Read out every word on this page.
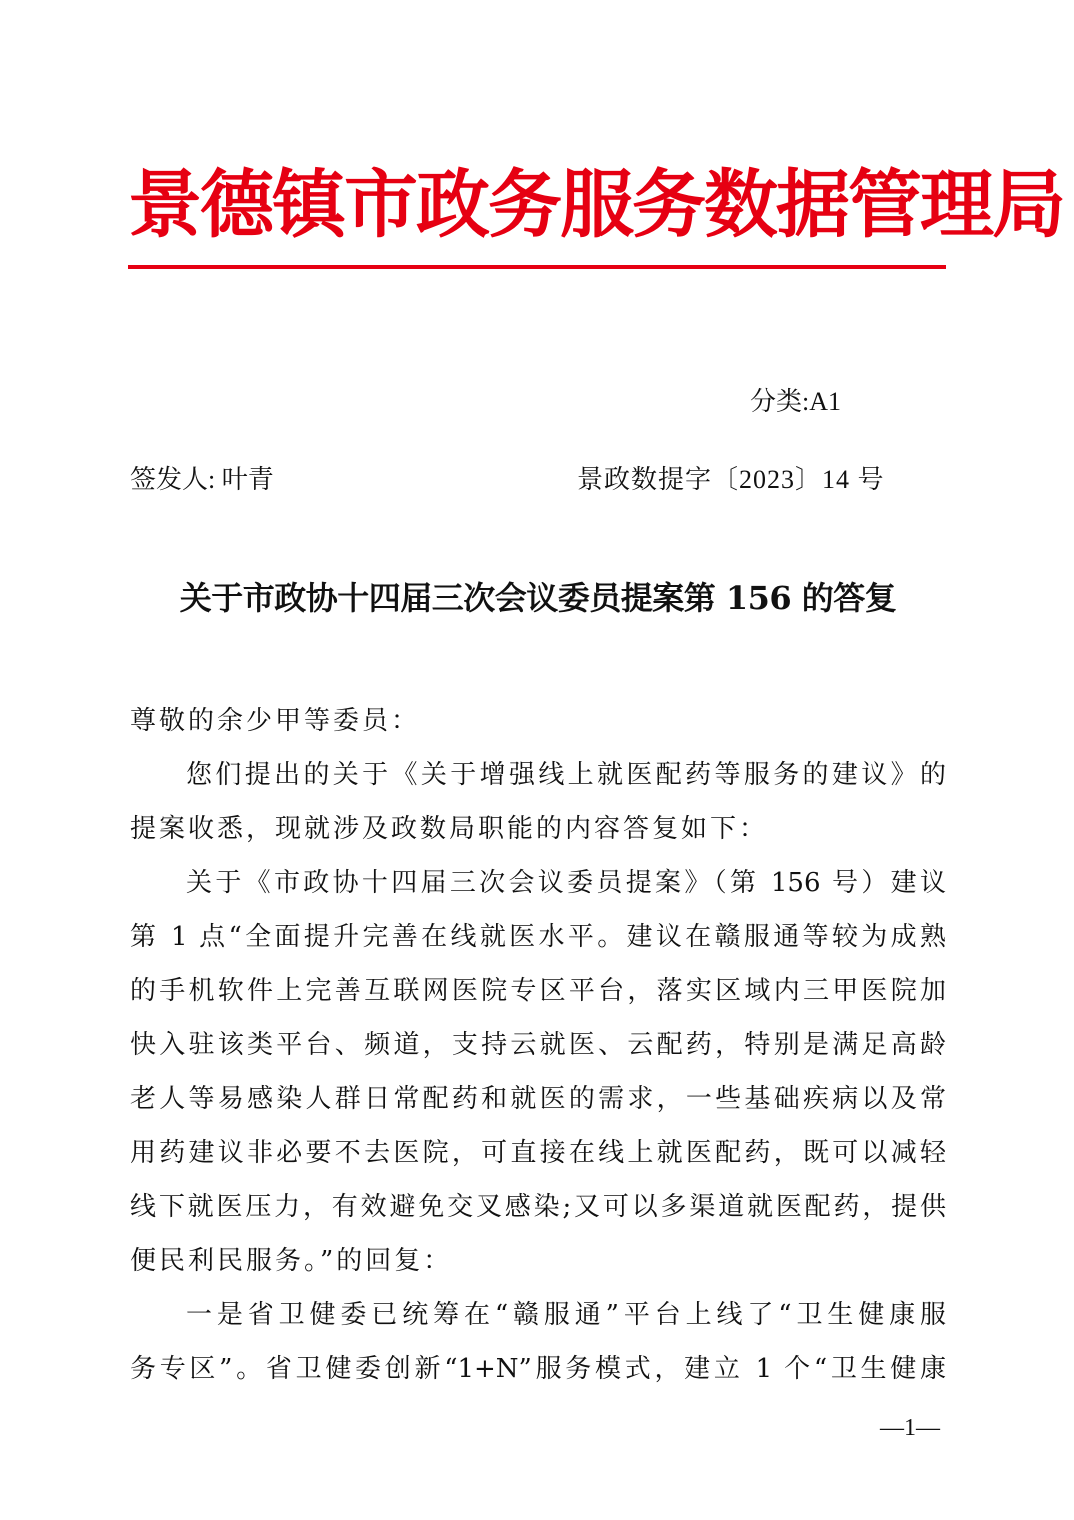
景德镇市政务服务数据管理局
分类:A1
签发人: 叶青	景政数提字〔2023〕14 号
关于市政协十四届三次会议委员提案第 156 的答复
尊敬的余少甲等委员：
您们提出的关于《关于增强线上就医配药等服务的建议》的
提案收悉，现就涉及政数局职能的内容答复如下：
关于《市政协十四届三次会议委员提案》（第 156 号）建议
第 1 点“全面提升完善在线就医水平。建议在赣服通等较为成熟
的手机软件上完善互联网医院专区平台，落实区域内三甲医院加
快入驻该类平台、频道，支持云就医、云配药，特别是满足高龄
老人等易感染人群日常配药和就医的需求，一些基础疾病以及常
用药建议非必要不去医院，可直接在线上就医配药，既可以减轻
线下就医压力，有效避免交叉感染;又可以多渠道就医配药，提供
便民利民服务。”的回复：
一是省卫健委已统筹在“赣服通”平台上线了“卫生健康服
务专区”。省卫健委创新“1+N”服务模式，建立 1 个“卫生健康
—1—
